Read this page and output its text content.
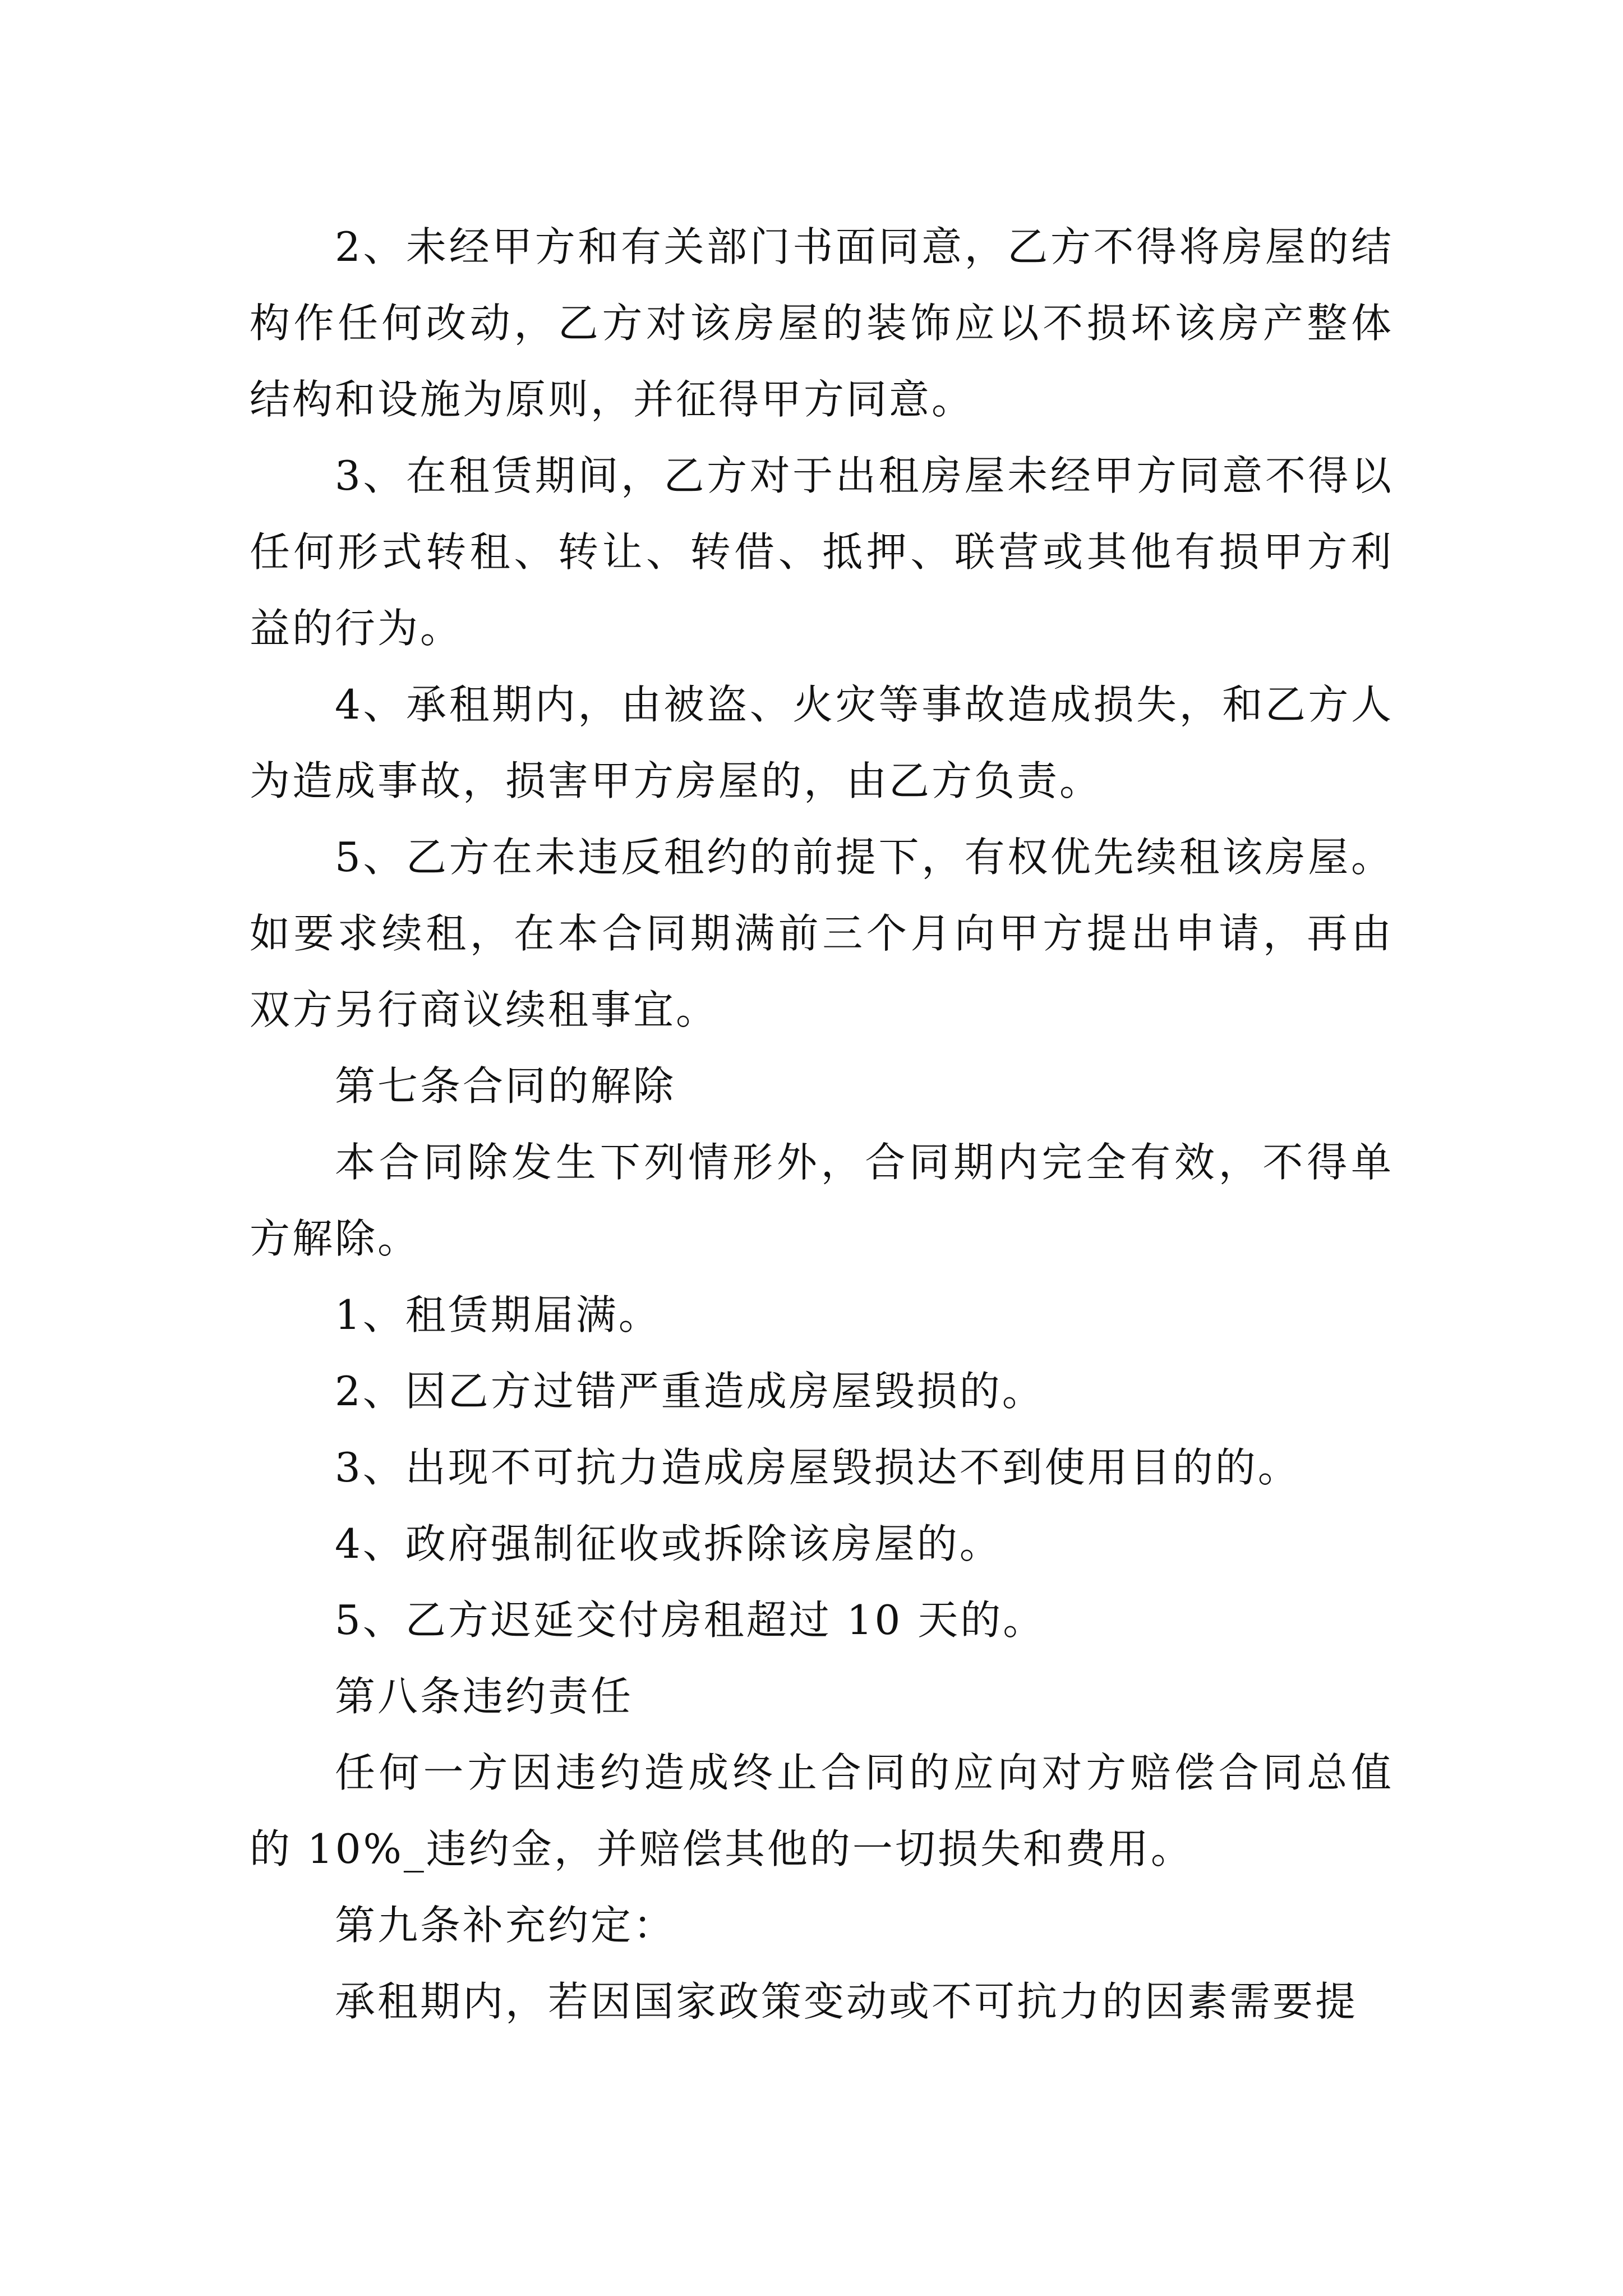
2、未经甲方和有关部门书面同意，乙方不得将房屋的结构作任何改动，乙方对该房屋的装饰应以不损坏该房产整体结构和设施为原则，并征得甲方同意。

3、在租赁期间，乙方对于出租房屋未经甲方同意不得以任何形式转租、转让、转借、抵押、联营或其他有损甲方利益的行为。

4、承租期内，由被盗、火灾等事故造成损失，和乙方人为造成事故，损害甲方房屋的，由乙方负责。

5、乙方在未违反租约的前提下，有权优先续租该房屋。如要求续租，在本合同期满前三个月向甲方提出申请，再由双方另行商议续租事宜。

第七条合同的解除

本合同除发生下列情形外，合同期内完全有效，不得单方解除。

1、租赁期届满。

2、因乙方过错严重造成房屋毁损的。

3、出现不可抗力造成房屋毁损达不到使用目的的。

4、政府强制征收或拆除该房屋的。

5、乙方迟延交付房租超过 10 天的。

第八条违约责任

任何一方因违约造成终止合同的应向对方赔偿合同总值的 10%_违约金，并赔偿其他的一切损失和费用。

第九条补充约定：

承租期内，若因国家政策变动或不可抗力的因素需要提
